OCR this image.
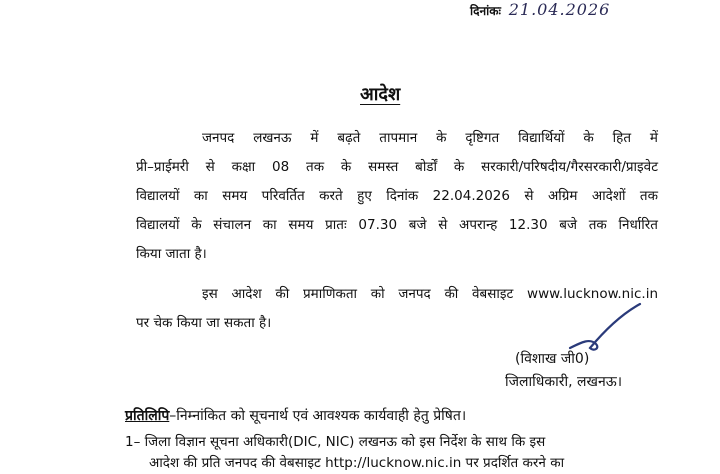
दिनांकः 21.04.2026
आदेश
जनपद लखनऊ में बढ़ते तापमान के दृष्टिगत विद्यार्थियों के हित में
प्री–प्राईमरी से कक्षा 08 तक के समस्त बोर्डों के सरकारी/परिषदीय/गैरसरकारी/प्राइवेट
विद्यालयों का समय परिवर्तित करते हुए दिनांक 22.04.2026 से अग्रिम आदेशों तक
विद्यालयों के संचालन का समय प्रातः 07.30 बजे से अपरान्ह 12.30 बजे तक निर्धारित
किया जाता है।
इस आदेश की प्रमाणिकता को जनपद की वेबसाइट www.lucknow.nic.in
पर चेक किया जा सकता है।
(विशाख जी0)
जिलाधिकारी, लखनऊ।
प्रतिलिपि–निम्नांकित को सूचनार्थ एवं आवश्यक कार्यवाही हेतु प्रेषित।
1– जिला विज्ञान सूचना अधिकारी(DIC, NIC) लखनऊ को इस निर्देश के साथ कि इस
आदेश की प्रति जनपद की वेबसाइट http://lucknow.nic.in पर प्रदर्शित करने का
